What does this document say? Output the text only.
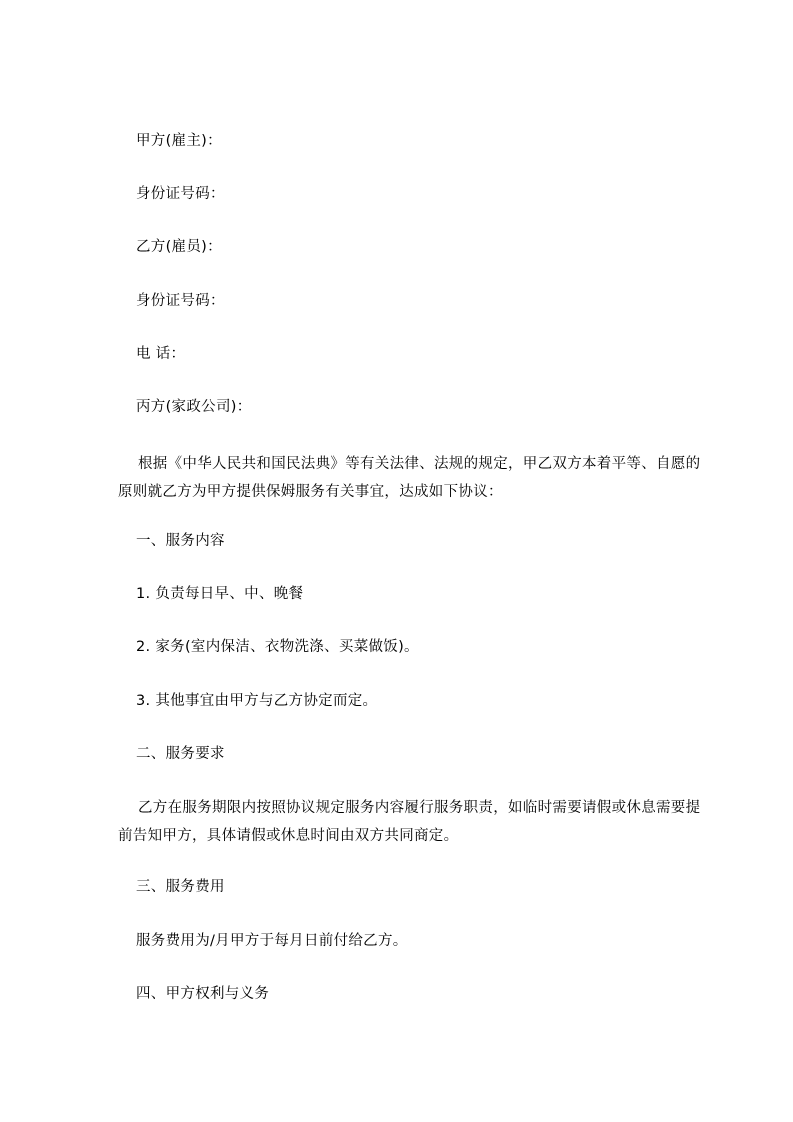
甲方(雇主)：
身份证号码：
乙方(雇员)：
身份证号码：
电 话：
丙方(家政公司)：
根据《中华人民共和国民法典》等有关法律、法规的规定，甲乙双方本着平等、自愿的原则就乙方为甲方提供保姆服务有关事宜，达成如下协议：
一、服务内容
1. 负责每日早、中、晚餐
2. 家务(室内保洁、衣物洗涤、买菜做饭)。
3. 其他事宜由甲方与乙方协定而定。
二、服务要求
乙方在服务期限内按照协议规定服务内容履行服务职责，如临时需要请假或休息需要提前告知甲方，具体请假或休息时间由双方共同商定。
三、服务费用
服务费用为/月甲方于每月日前付给乙方。
四、甲方权利与义务
